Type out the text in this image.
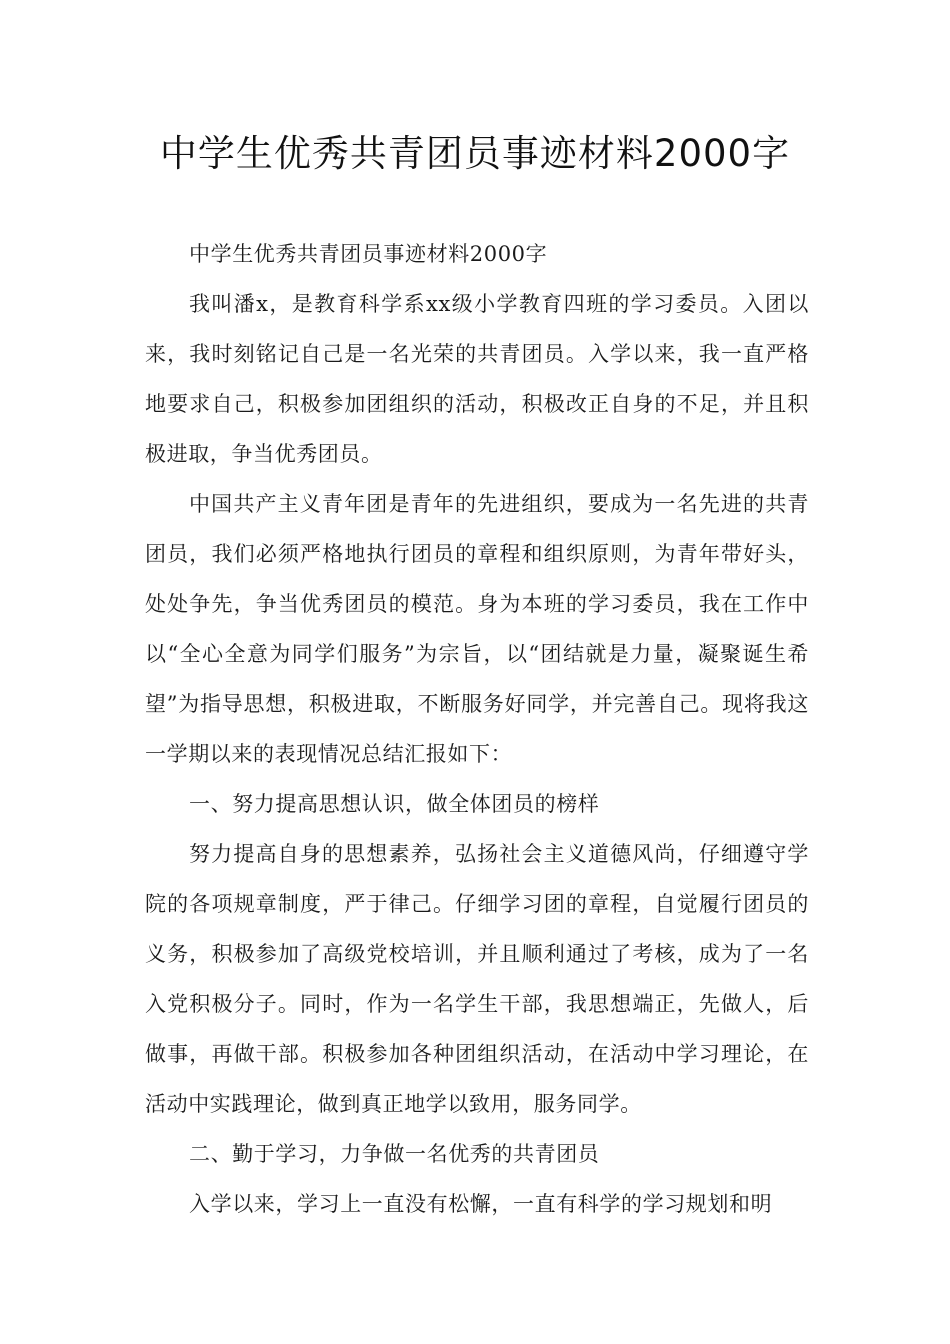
中学生优秀共青团员事迹材料2000字

中学生优秀共青团员事迹材料2000字

我叫潘x，是教育科学系xx级小学教育四班的学习委员。入团以来，我时刻铭记自己是一名光荣的共青团员。入学以来，我一直严格地要求自己，积极参加团组织的活动，积极改正自身的不足，并且积极进取，争当优秀团员。

中国共产主义青年团是青年的先进组织，要成为一名先进的共青团员，我们必须严格地执行团员的章程和组织原则，为青年带好头，处处争先，争当优秀团员的模范。身为本班的学习委员，我在工作中以“全心全意为同学们服务”为宗旨，以“团结就是力量，凝聚诞生希望”为指导思想，积极进取，不断服务好同学，并完善自己。现将我这一学期以来的表现情况总结汇报如下：

一、努力提高思想认识，做全体团员的榜样

努力提高自身的思想素养，弘扬社会主义道德风尚，仔细遵守学院的各项规章制度，严于律己。仔细学习团的章程，自觉履行团员的义务，积极参加了高级党校培训，并且顺利通过了考核，成为了一名入党积极分子。同时，作为一名学生干部，我思想端正，先做人，后做事，再做干部。积极参加各种团组织活动，在活动中学习理论，在活动中实践理论，做到真正地学以致用，服务同学。

二、勤于学习，力争做一名优秀的共青团员

入学以来，学习上一直没有松懈，一直有科学的学习规划和明
